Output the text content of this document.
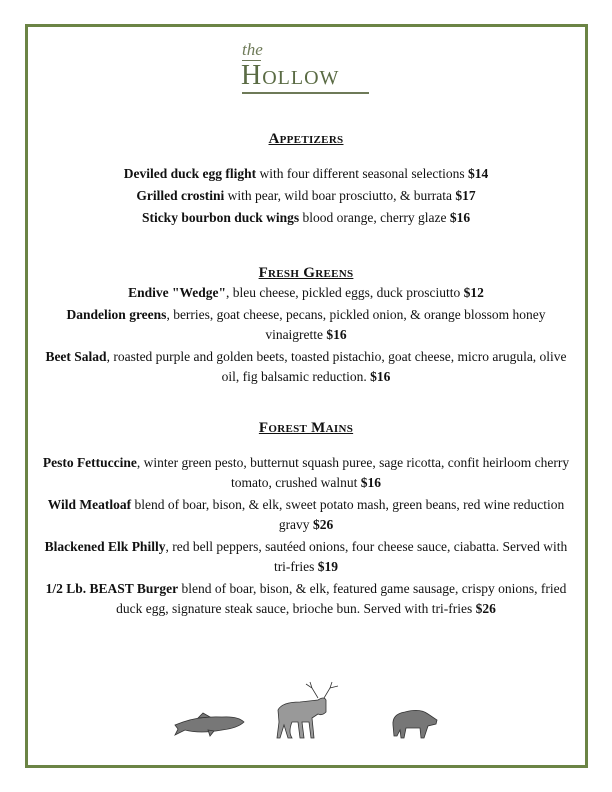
the
Hollow
Appetizers

Deviled duck egg flight with four different seasonal selections $14

Grilled crostini with pear, wild boar prosciutto, & burrata $17

Sticky bourbon duck wings blood orange, cherry glaze $16

Fresh Greens

Endive "Wedge", bleu cheese, pickled eggs, duck prosciutto $12

Dandelion greens, berries, goat cheese, pecans, pickled onion, & orange blossom honey vinaigrette $16

Beet Salad, roasted purple and golden beets, toasted pistachio, goat cheese, micro arugula, olive oil, fig balsamic reduction. $16

Forest Mains

Pesto Fettuccine, winter green pesto, butternut squash puree, sage ricotta, confit heirloom cherry tomato, crushed walnut $16

Wild Meatloaf blend of boar, bison, & elk, sweet potato mash, green beans, red wine reduction gravy $26

Blackened Elk Philly, red bell peppers, sautéed onions, four cheese sauce, ciabatta. Served with tri-fries $19

1/2 Lb. BEAST Burger blend of boar, bison, & elk, featured game sausage, crispy onions, fried duck egg, signature steak sauce, brioche bun. Served with tri-fries $26
